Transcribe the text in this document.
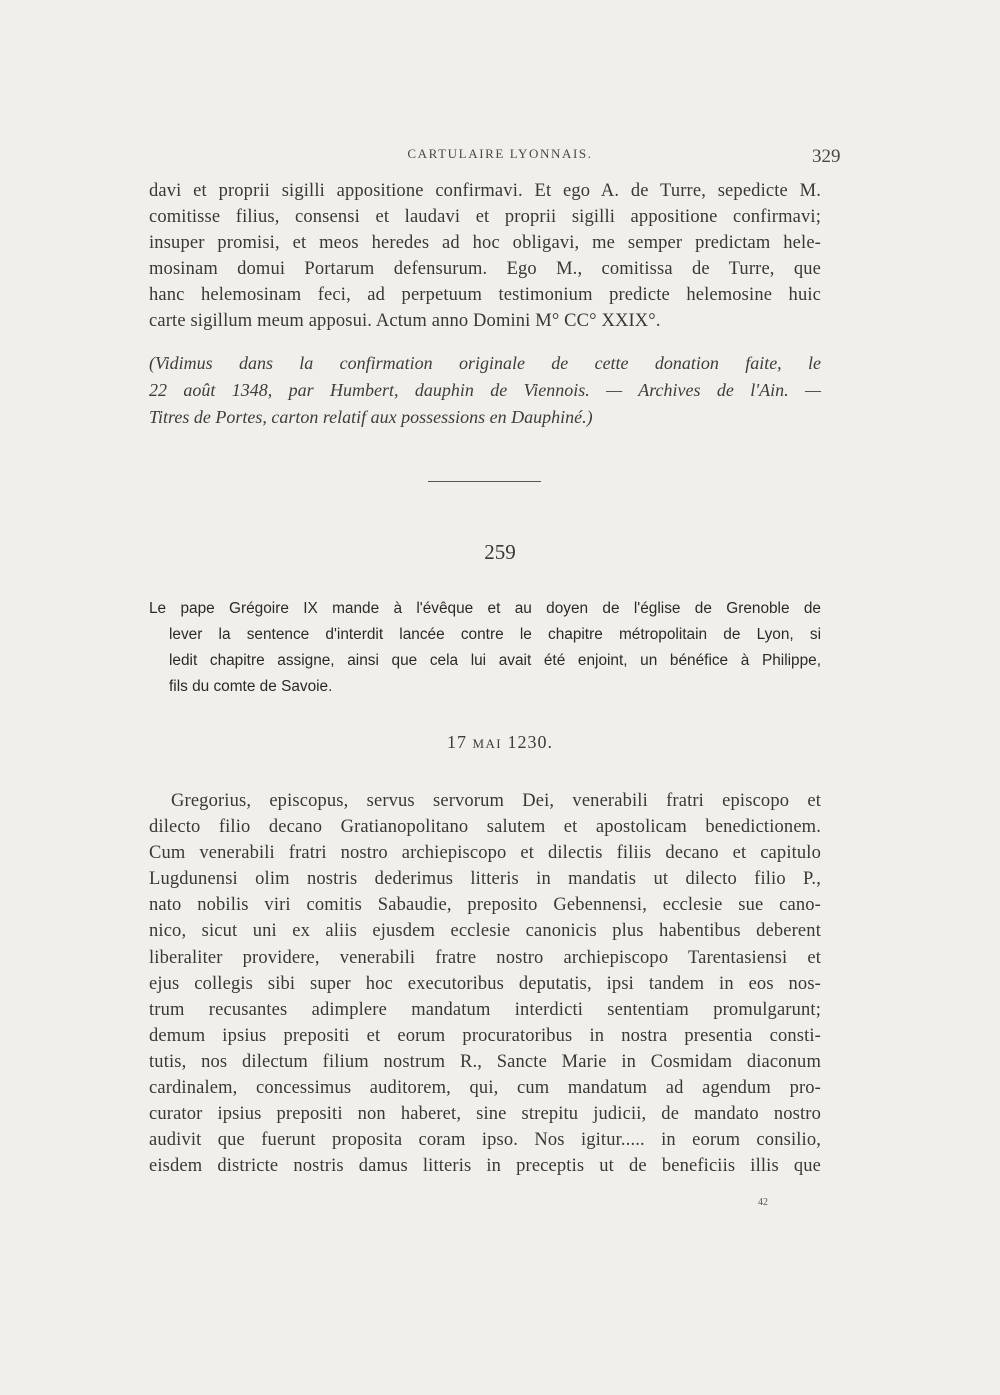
CARTULAIRE LYONNAIS.	329
davi et proprii sigilli appositione confirmavi. Et ego A. de Turre, sepedicte M.
comitisse filius, consensi et laudavi et proprii sigilli appositione confirmavi;
insuper promisi, et meos heredes ad hoc obligavi, me semper predictam hele-
mosinam domui Portarum defensurum. Ego M., comitissa de Turre, que
hanc helemosinam feci, ad perpetuum testimonium predicte helemosine huic
carte sigillum meum apposui. Actum anno Domini M° CC° XXIX°.
(Vidimus dans la confirmation originale de cette donation faite, le
22 août 1348, par Humbert, dauphin de Viennois. — Archives de l'Ain. —
Titres de Portes, carton relatif aux possessions en Dauphiné.)
259
Le pape Grégoire IX mande à l'évêque et au doyen de l'église de Grenoble de
lever la sentence d'interdit lancée contre le chapitre métropolitain de Lyon, si
ledit chapitre assigne, ainsi que cela lui avait été enjoint, un bénéfice à Philippe,
fils du comte de Savoie.
17 MAI 1230.
Gregorius, episcopus, servus servorum Dei, venerabili fratri episcopo et
dilecto filio decano Gratianopolitano salutem et apostolicam benedictionem.
Cum venerabili fratri nostro archiepiscopo et dilectis filiis decano et capitulo
Lugdunensi olim nostris dederimus litteris in mandatis ut dilecto filio P.,
nato nobilis viri comitis Sabaudie, preposito Gebennensi, ecclesie sue cano-
nico, sicut uni ex aliis ejusdem ecclesie canonicis plus habentibus deberent
liberaliter providere, venerabili fratre nostro archiepiscopo Tarentasiensi et
ejus collegis sibi super hoc executoribus deputatis, ipsi tandem in eos nos-
trum recusantes adimplere mandatum interdicti sententiam promulgarunt;
demum ipsius prepositi et eorum procuratoribus in nostra presentia consti-
tutis, nos dilectum filium nostrum R., Sancte Marie in Cosmidam diaconum
cardinalem, concessimus auditorem, qui, cum mandatum ad agendum pro-
curator ipsius prepositi non haberet, sine strepitu judicii, de mandato nostro
audivit que fuerunt proposita coram ipso. Nos igitur..... in eorum consilio,
eisdem districte nostris damus litteris in preceptis ut de beneficiis illis que
42
